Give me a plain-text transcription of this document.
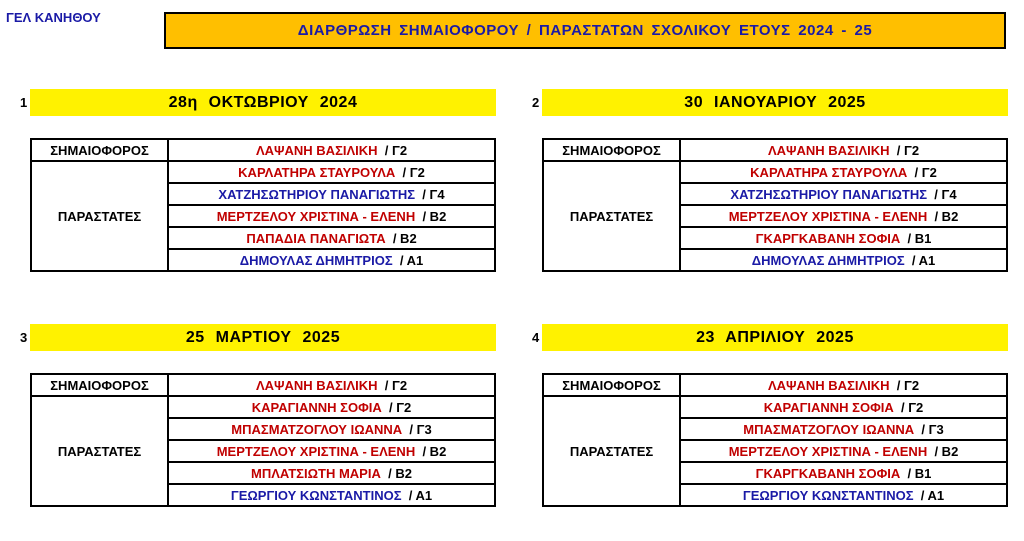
ΓΕΛ ΚΑΝΗΘΟΥ
ΔΙΑΡΘΡΩΣΗ ΣΗΜΑΙΟΦΟΡΟΥ / ΠΑΡΑΣΤΑΤΩΝ ΣΧΟΛΙΚΟΥ ΕΤΟΥΣ 2024 - 25
1	28η ΟΚΤΩΒΡΙΟΥ 2024
ΣΗΜΑΙΟΦΟΡΟΣ	ΛΑΨΑΝΗ ΒΑΣΙΛΙΚΗ / Γ2
ΠΑΡΑΣΤΑΤΕΣ	ΚΑΡΛΑΤΗΡΑ ΣΤΑΥΡΟΥΛΑ / Γ2
	ΧΑΤΖΗΣΩΤΗΡΙΟΥ ΠΑΝΑΓΙΩΤΗΣ / Γ4
	ΜΕΡΤΖΕΛΟΥ ΧΡΙΣΤΙΝΑ - ΕΛΕΝΗ / Β2
	ΠΑΠΑΔΙΑ ΠΑΝΑΓΙΩΤΑ / Β2
	ΔΗΜΟΥΛΑΣ ΔΗΜΗΤΡΙΟΣ / Α1
2	30 ΙΑΝΟΥΑΡΙΟΥ 2025
ΣΗΜΑΙΟΦΟΡΟΣ	ΛΑΨΑΝΗ ΒΑΣΙΛΙΚΗ / Γ2
ΠΑΡΑΣΤΑΤΕΣ	ΚΑΡΛΑΤΗΡΑ ΣΤΑΥΡΟΥΛΑ / Γ2
	ΧΑΤΖΗΣΩΤΗΡΙΟΥ ΠΑΝΑΓΙΩΤΗΣ / Γ4
	ΜΕΡΤΖΕΛΟΥ ΧΡΙΣΤΙΝΑ - ΕΛΕΝΗ / Β2
	ΓΚΑΡΓΚΑΒΑΝΗ ΣΟΦΙΑ / Β1
	ΔΗΜΟΥΛΑΣ ΔΗΜΗΤΡΙΟΣ / Α1
3	25 ΜΑΡΤΙΟΥ 2025
ΣΗΜΑΙΟΦΟΡΟΣ	ΛΑΨΑΝΗ ΒΑΣΙΛΙΚΗ / Γ2
ΠΑΡΑΣΤΑΤΕΣ	ΚΑΡΑΓΙΑΝΝΗ ΣΟΦΙΑ / Γ2
	ΜΠΑΣΜΑΤΖΟΓΛΟΥ ΙΩΑΝΝΑ / Γ3
	ΜΕΡΤΖΕΛΟΥ ΧΡΙΣΤΙΝΑ - ΕΛΕΝΗ / Β2
	ΜΠΛΑΤΣΙΩΤΗ ΜΑΡΙΑ / Β2
	ΓΕΩΡΓΙΟΥ ΚΩΝΣΤΑΝΤΙΝΟΣ / Α1
4	23 ΑΠΡΙΛΙΟΥ 2025
ΣΗΜΑΙΟΦΟΡΟΣ	ΛΑΨΑΝΗ ΒΑΣΙΛΙΚΗ / Γ2
ΠΑΡΑΣΤΑΤΕΣ	ΚΑΡΑΓΙΑΝΝΗ ΣΟΦΙΑ / Γ2
	ΜΠΑΣΜΑΤΖΟΓΛΟΥ ΙΩΑΝΝΑ / Γ3
	ΜΕΡΤΖΕΛΟΥ ΧΡΙΣΤΙΝΑ - ΕΛΕΝΗ / Β2
	ΓΚΑΡΓΚΑΒΑΝΗ ΣΟΦΙΑ / Β1
	ΓΕΩΡΓΙΟΥ ΚΩΝΣΤΑΝΤΙΝΟΣ / Α1
